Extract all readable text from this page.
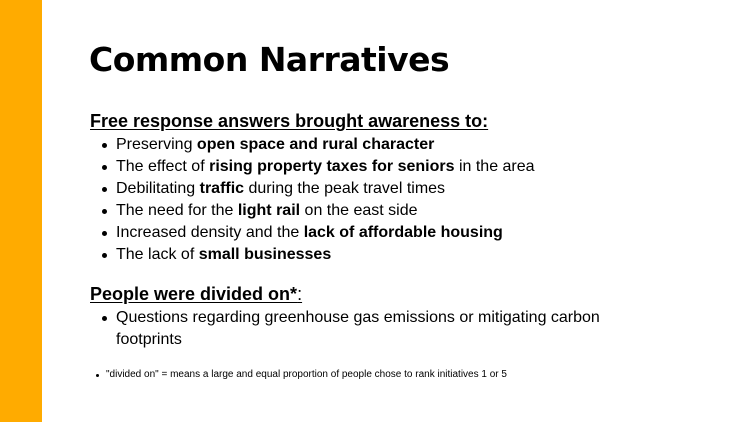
Common Narratives
Free response answers brought awareness to:
Preserving open space and rural character
The effect of rising property taxes for seniors in the area
Debilitating traffic during the peak travel times
The need for the light rail on the east side
Increased density and the lack of affordable housing
The lack of small businesses
People were divided on*:
Questions regarding greenhouse gas emissions or mitigating carbon footprints
"divided on" = means a large and equal proportion of people chose to rank initiatives 1 or 5
